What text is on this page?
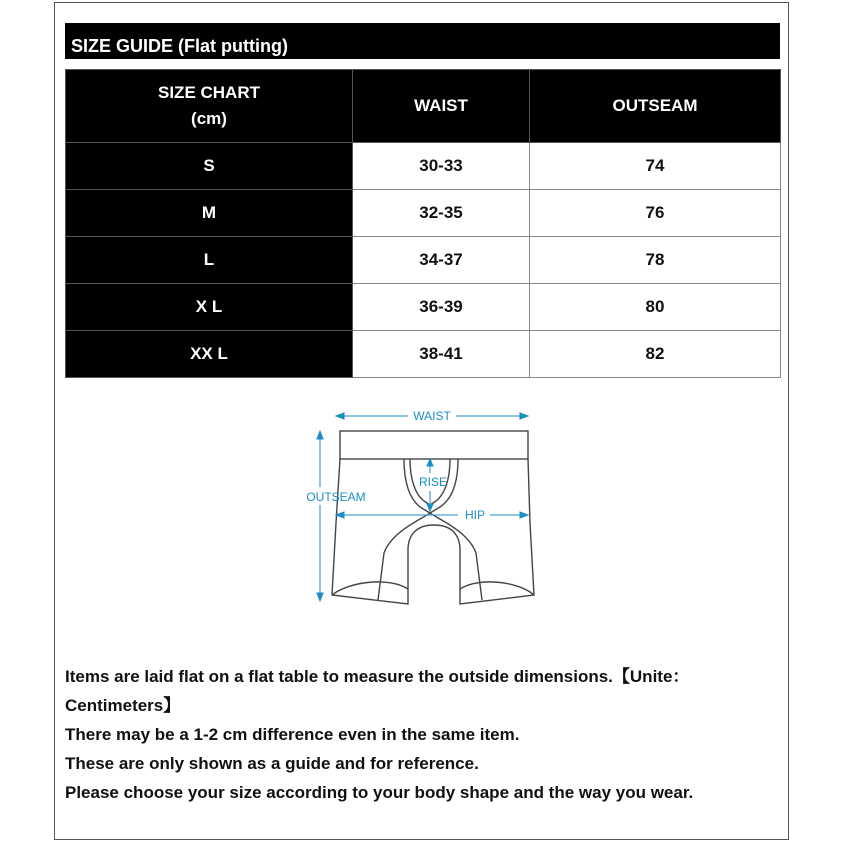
SIZE GUIDE (Flat putting)
SIZE CHART
(cm)	WAIST	OUTSEAM
S	30-33	74
M	32-35	76
L	34-37	78
X L	36-39	80
XX L	38-41	82
WAIST
RISE
OUTSEAM
HIP

Items are laid flat on a flat table to measure the outside dimensions.【Unite：Centimeters】

There may be a 1-2 cm difference even in the same item.

These are only shown as a guide and for reference.

Please choose your size according to your body shape and the way you wear.
